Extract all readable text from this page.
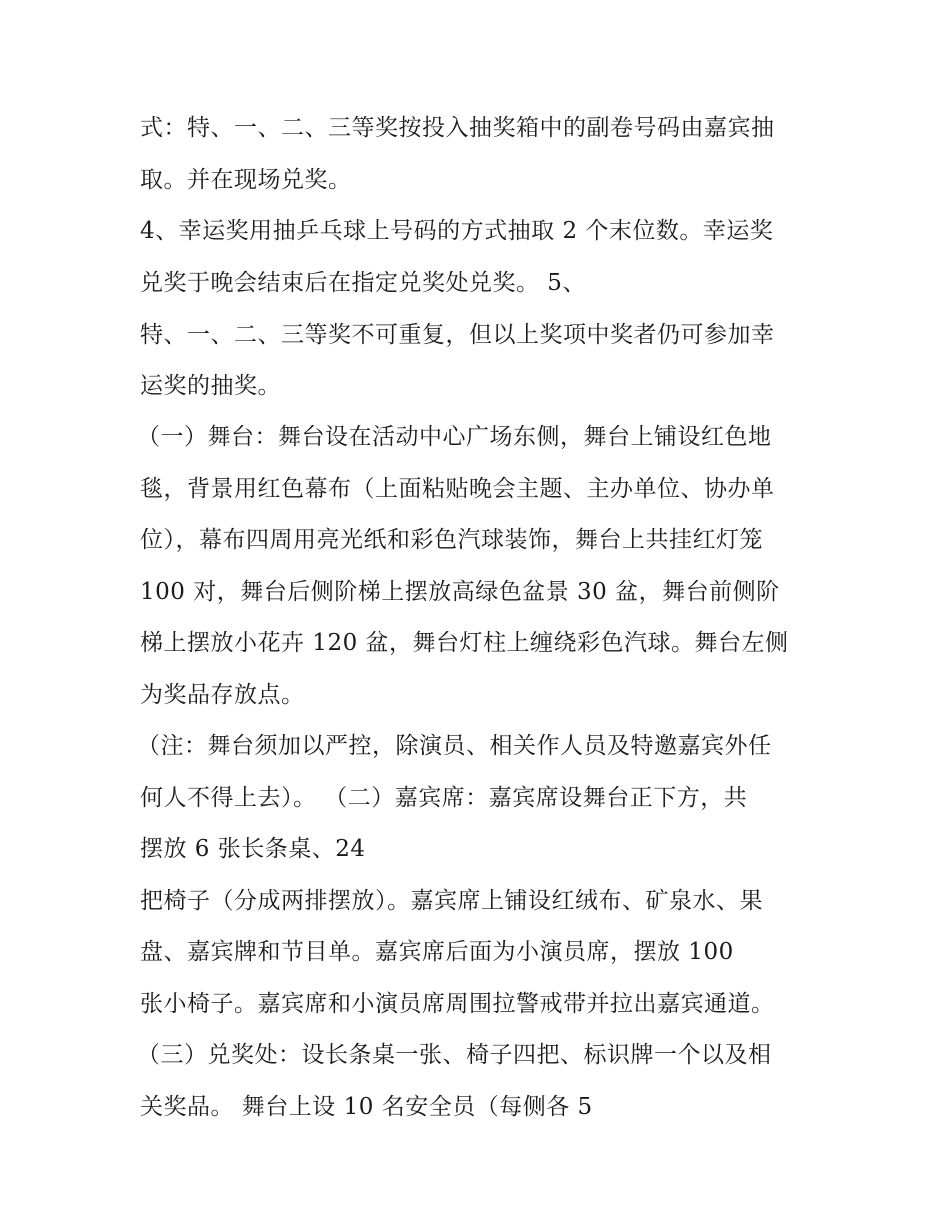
式：特、一、二、三等奖按投入抽奖箱中的副卷号码由嘉宾抽
取。并在现场兑奖。
4、幸运奖用抽乒乓球上号码的方式抽取 2 个末位数。幸运奖
兑奖于晚会结束后在指定兑奖处兑奖。 5、
特、一、二、三等奖不可重复，但以上奖项中奖者仍可参加幸
运奖的抽奖。
（一）舞台：舞台设在活动中心广场东侧，舞台上铺设红色地
毯，背景用红色幕布（上面粘贴晚会主题、主办单位、协办单
位），幕布四周用亮光纸和彩色汽球装饰，舞台上共挂红灯笼
100 对，舞台后侧阶梯上摆放高绿色盆景 30 盆，舞台前侧阶
梯上摆放小花卉 120 盆，舞台灯柱上缠绕彩色汽球。舞台左侧
为奖品存放点。
（注：舞台须加以严控，除演员、相关作人员及特邀嘉宾外任
何人不得上去）。 （二）嘉宾席：嘉宾席设舞台正下方，共
摆放 6 张长条桌、24
把椅子（分成两排摆放）。嘉宾席上铺设红绒布、矿泉水、果
盘、嘉宾牌和节目单。嘉宾席后面为小演员席，摆放 100
张小椅子。嘉宾席和小演员席周围拉警戒带并拉出嘉宾通道。
（三）兑奖处：设长条桌一张、椅子四把、标识牌一个以及相
关奖品。 舞台上设 10 名安全员（每侧各 5
